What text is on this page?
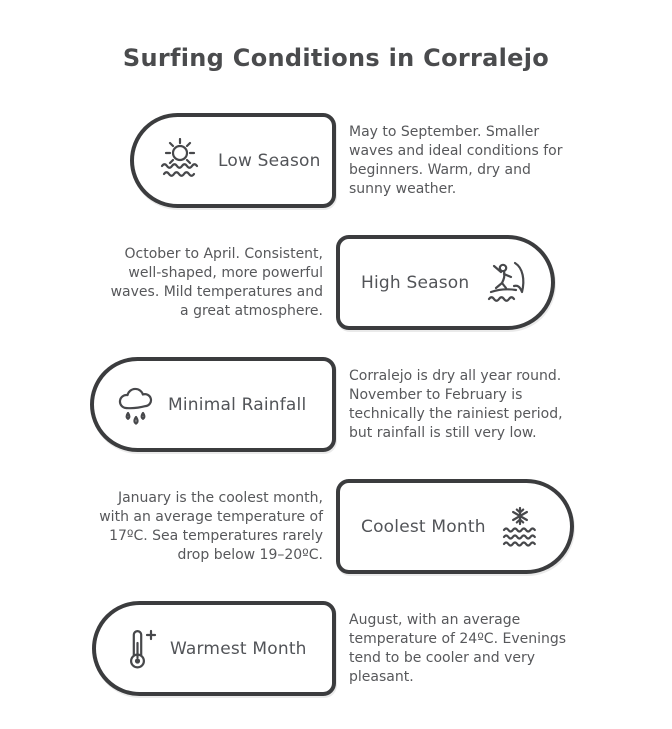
Surfing Conditions in Corralejo
Low Season

May to September. Smaller waves and ideal conditions for beginners. Warm, dry and sunny weather.

October to April. Consistent, well-shaped, more powerful waves. Mild temperatures and a great atmosphere.

High Season
Minimal Rainfall

Corralejo is dry all year round. November to February is technically the rainiest period, but rainfall is still very low.

January is the coolest month, with an average temperature of 17ºC. Sea temperatures rarely drop below 19–20ºC.

Coolest Month
Warmest Month

August, with an average temperature of 24ºC. Evenings tend to be cooler and very pleasant.
